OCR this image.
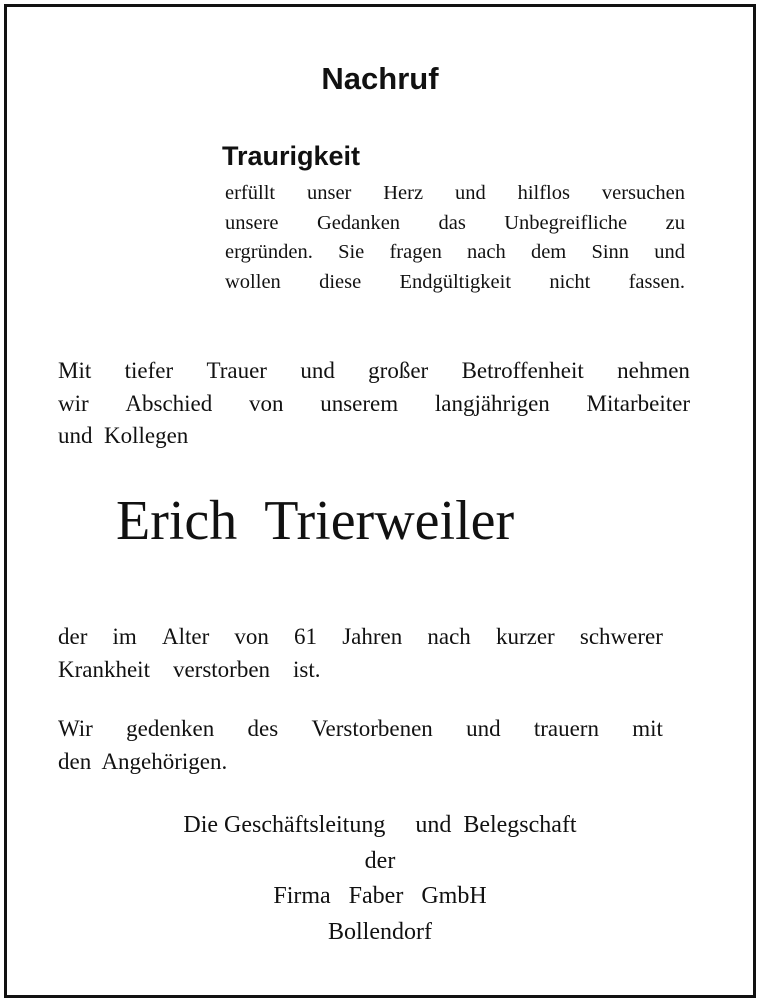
Nachruf
Traurigkeit
erfüllt unser Herz und hilflos versuchen
unsere Gedanken das Unbegreifliche zu
ergründen. Sie fragen nach dem Sinn und
wollen diese Endgültigkeit nicht fassen.
Mit tiefer Trauer und großer Betroffenheit nehmen
wir Abschied von unserem langjährigen Mitarbeiter
und  Kollegen
Erich Trierweiler
der im Alter von 61 Jahren nach kurzer schwerer
Krankheit    verstorben    ist.
Wir gedenken des Verstorbenen und trauern mit
den  Angehörigen.
Die Geschäftsleitung     und  Belegschaft
der
Firma   Faber   GmbH
Bollendorf
